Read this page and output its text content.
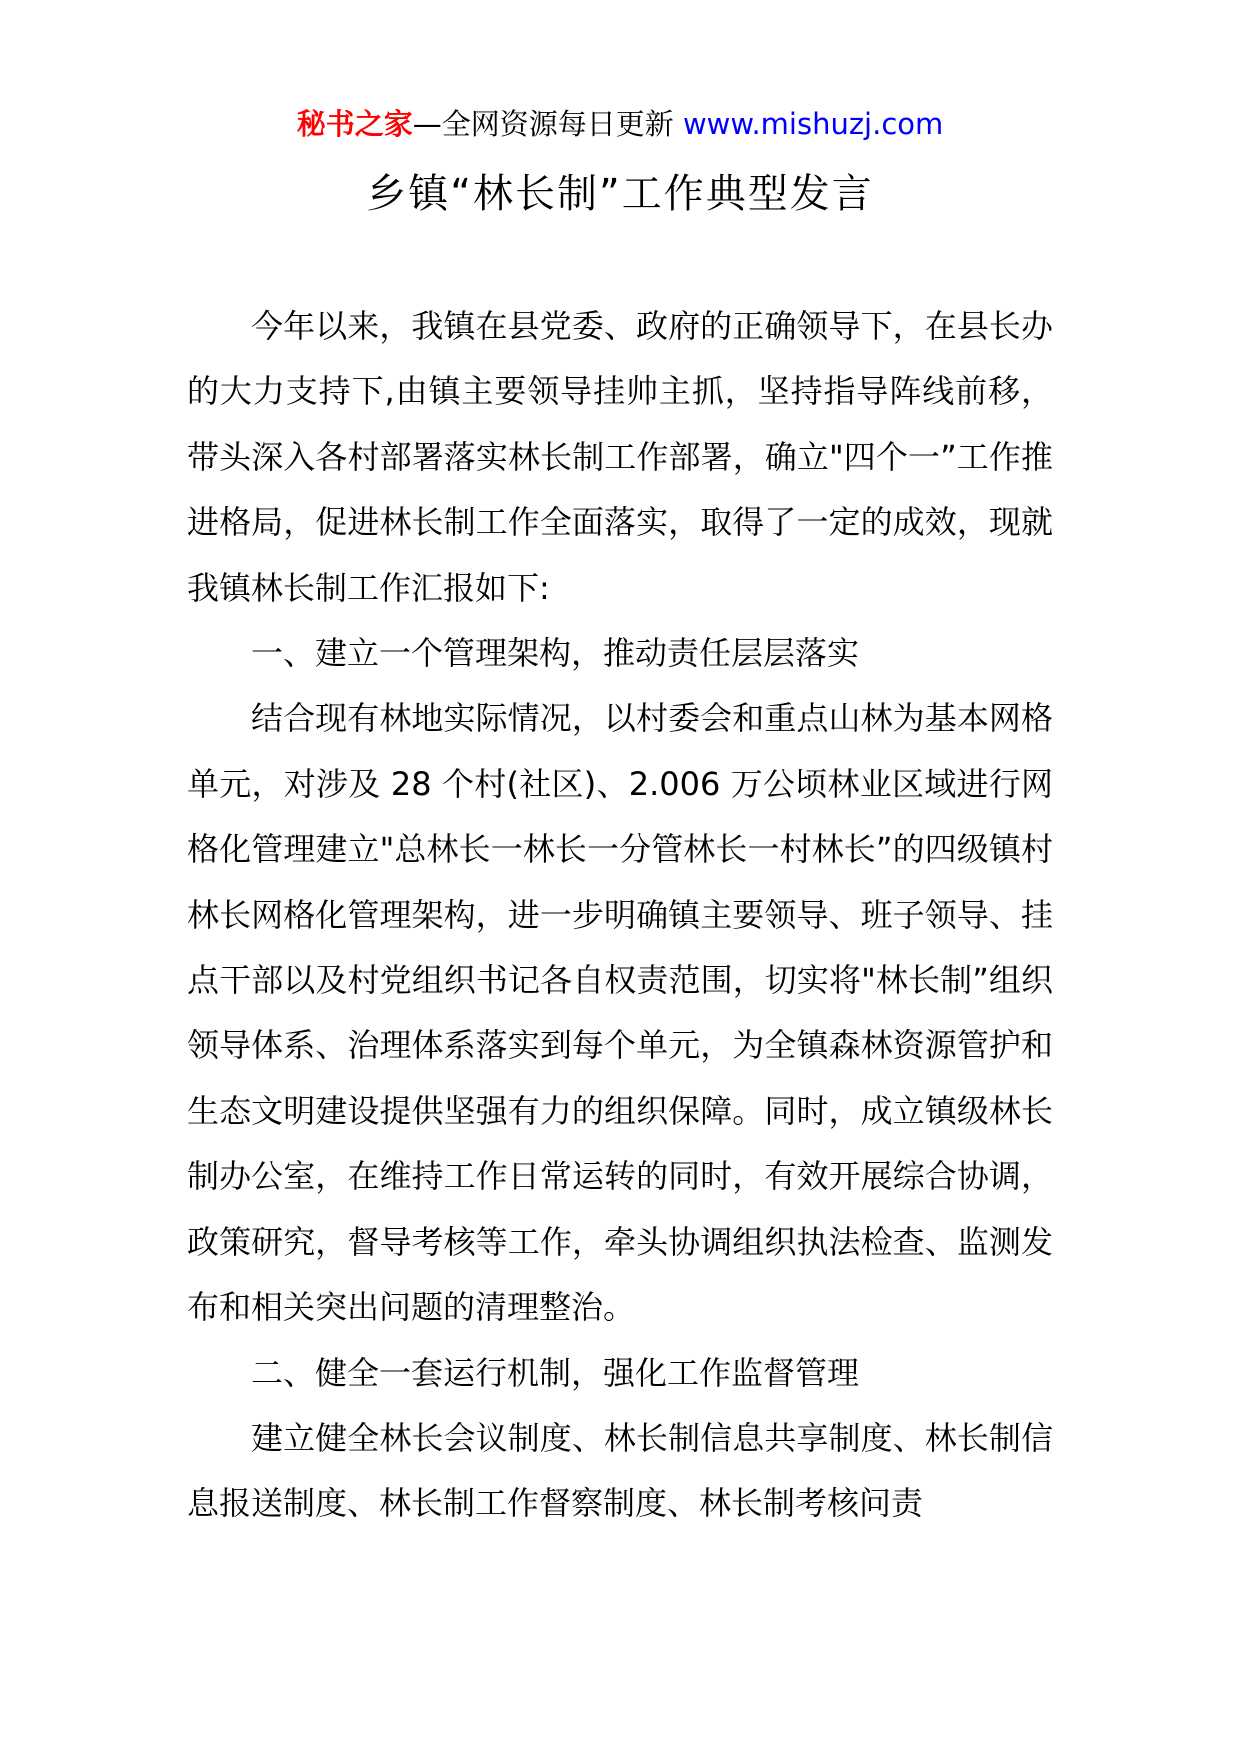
秘书之家—全网资源每日更新 www.mishuzj.com
乡镇“林长制”工作典型发言

今年以来，我镇在县党委、政府的正确领导下，在县长办的大力支持下,由镇主要领导挂帅主抓，坚持指导阵线前移，带头深入各村部署落实林长制工作部署，确立"四个一”工作推进格局，促进林长制工作全面落实，取得了一定的成效，现就我镇林长制工作汇报如下:

一、建立一个管理架构，推动责任层层落实

结合现有林地实际情况，以村委会和重点山林为基本网格单元，对涉及 28 个村(社区)、2.006 万公顷林业区域进行网格化管理建立"总林长一林长一分管林长一村林长”的四级镇村林长网格化管理架构，进一步明确镇主要领导、班子领导、挂点干部以及村党组织书记各自权责范围，切实将"林长制”组织领导体系、治理体系落实到每个单元，为全镇森林资源管护和生态文明建设提供坚强有力的组织保障。同时，成立镇级林长制办公室，在维持工作日常运转的同时，有效开展综合协调，政策研究，督导考核等工作，牵头协调组织执法检查、监测发布和相关突出问题的清理整治。

二、健全一套运行机制，强化工作监督管理

建立健全林长会议制度、林长制信息共享制度、林长制信息报送制度、林长制工作督察制度、林长制考核问责
